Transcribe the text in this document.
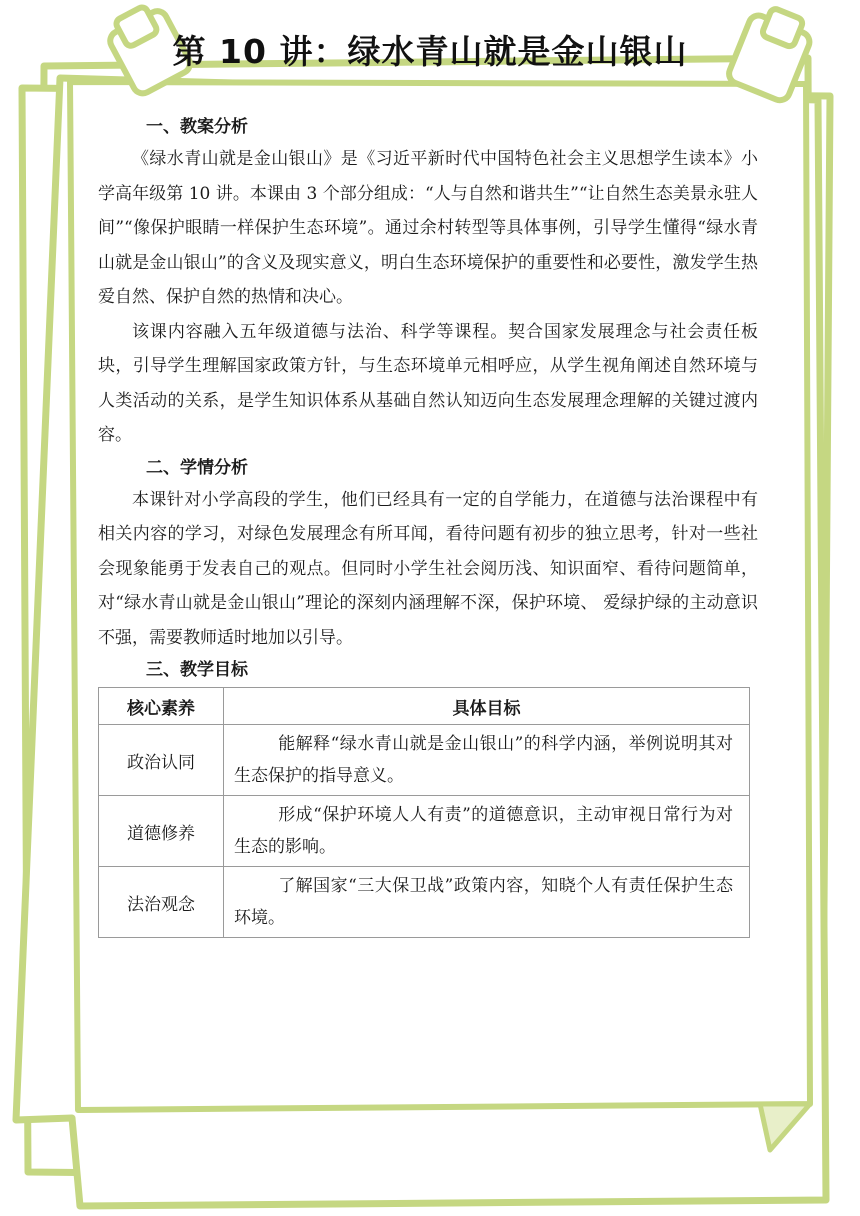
第 10 讲：绿水青山就是金山银山
一、教案分析

《绿水青山就是金山银山》是《习近平新时代中国特色社会主义思想学生读本》小学高年级第 10 讲。本课由 3 个部分组成：“人与自然和谐共生”“让自然生态美景永驻人间”“像保护眼睛一样保护生态环境”。通过余村转型等具体事例，引导学生懂得“绿水青山就是金山银山”的含义及现实意义，明白生态环境保护的重要性和必要性，激发学生热爱自然、保护自然的热情和决心。

该课内容融入五年级道德与法治、科学等课程。契合国家发展理念与社会责任板块，引导学生理解国家政策方针，与生态环境单元相呼应，从学生视角阐述自然环境与人类活动的关系，是学生知识体系从基础自然认知迈向生态发展理念理解的关键过渡内容。

二、学情分析

本课针对小学高段的学生，他们已经具有一定的自学能力，在道德与法治课程中有相关内容的学习，对绿色发展理念有所耳闻，看待问题有初步的独立思考，针对一些社会现象能勇于发表自己的观点。但同时小学生社会阅历浅、知识面窄、看待问题简单，对“绿水青山就是金山银山”理论的深刻内涵理解不深，保护环境、 爱绿护绿的主动意识不强，需要教师适时地加以引导。

三、教学目标
核心素养	具体目标
政治认同	能解释“绿水青山就是金山银山”的科学内涵，举例说明其对生态保护的指导意义。
道德修养	形成“保护环境人人有责”的道德意识，主动审视日常行为对生态的影响。
法治观念	了解国家“三大保卫战”政策内容，知晓个人有责任保护生态环境。
